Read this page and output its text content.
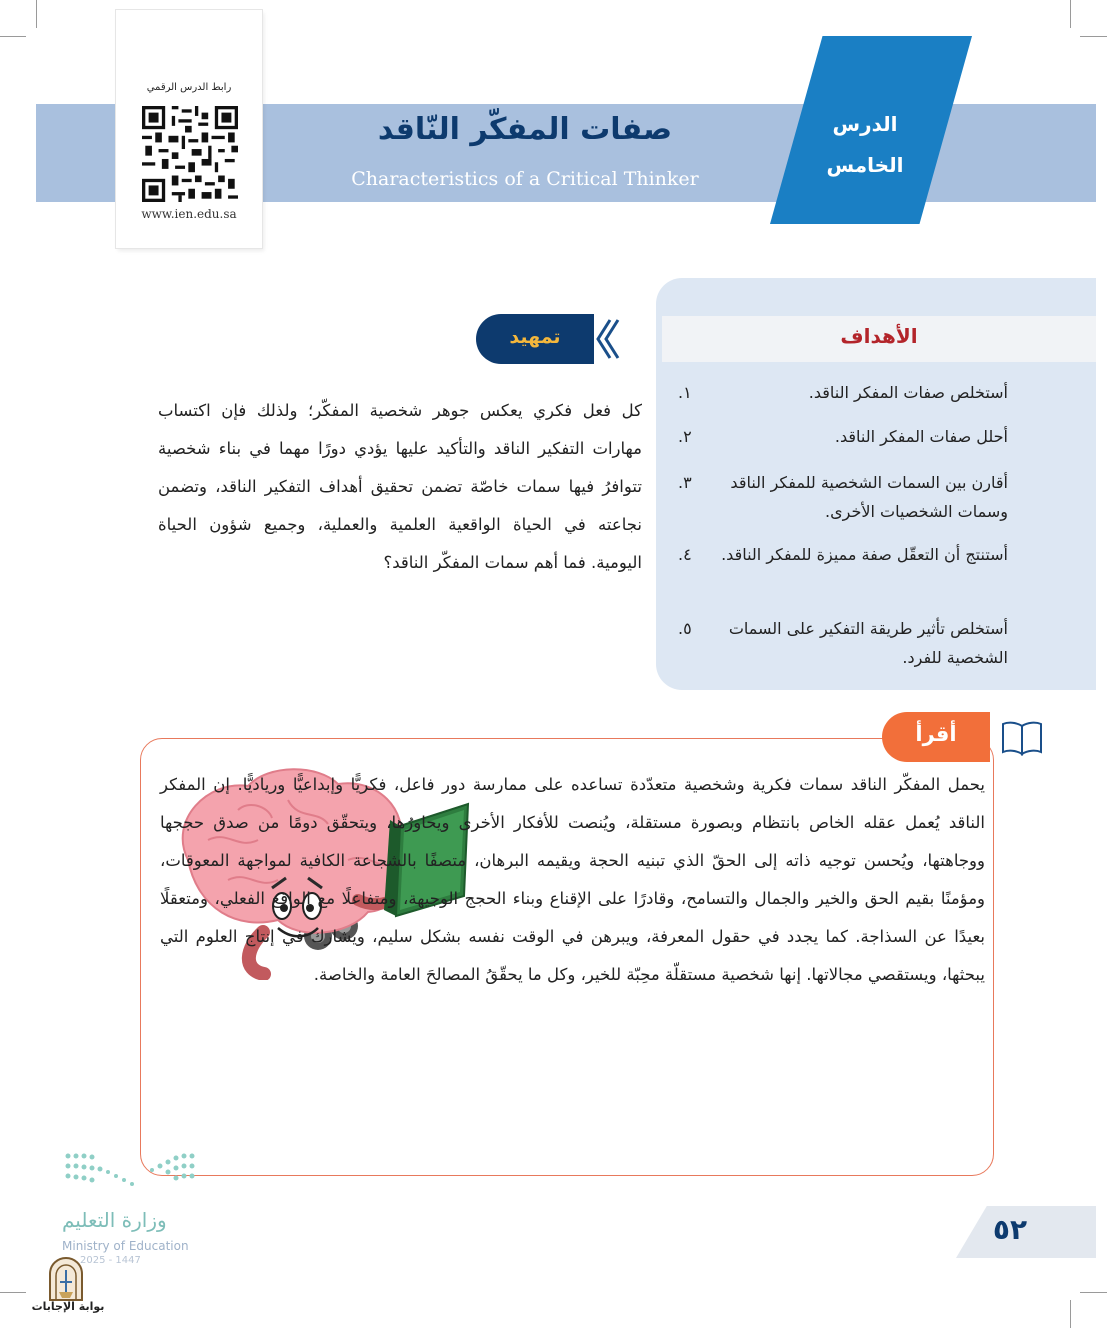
صفات المفكّر النّاقد
Characteristics of a Critical Thinker
الدرس
الخامس
رابط الدرس الرقمي
www.ien.edu.sa
الأهداف
أستخلص صفات المفكر الناقد.
١.
أحلل صفات المفكر الناقد.
٢.
أقارن بين السمات الشخصية للمفكر الناقد وسمات الشخصيات الأخرى.
٣.
أستنتج أن التعقّل صفة مميزة للمفكر الناقد.
٤.
أستخلص تأثير طريقة التفكير على السمات الشخصية للفرد.
٥.
تمهيد
كل فعل فكري يعكس جوهر شخصية المفكّر؛ ولذلك فإن اكتساب مهارات التفكير الناقد والتأكيد عليها يؤدي دورًا مهما في بناء شخصية تتوافرُ فيها سمات خاصّة تضمن تحقيق أهداف التفكير الناقد، وتضمن نجاعته في الحياة الواقعية العلمية والعملية، وجميع شؤون الحياة اليومية. فما أهم سمات المفكّر الناقد؟
أقرأ
يحمل المفكّر الناقد سمات فكرية وشخصية متعدّدة تساعده على ممارسة دور فاعل، فكريًّا وإبداعيًّا ورياديًّا. إن المفكر الناقد يُعمل عقله الخاص بانتظام وبصورة مستقلة، ويُنصت للأفكار الأخرى ويحاورُها، ويتحقّق دومًا من صدق حججها ووجاهتها، ويُحسن توجيه ذاته إلى الحقّ الذي تبنيه الحجة ويقيمه البرهان، متصفًا بالشجاعة الكافية لمواجهة المعوقات، ومؤمنًا بقيم الحق والخير والجمال والتسامح، وقادرًا على الإقناع وبناء الحجج الوجيهة، ومتفاعلًا مع الواقع الفعلي، ومتعقلًا بعيدًا عن السذاجة. كما يجدد في حقول المعرفة، ويبرهن في الوقت نفسه بشكل سليم، ويشارك في إنتاج العلوم التي يبحثها، ويستقصي مجالاتها. إنها شخصية مستقلّة محِبّة للخير، وكل ما يحقّقُ المصالحَ العامة والخاصة.
وزارة التعليم
Ministry of Education
2025 - 1447
٥٢
بوابة الإجابات
